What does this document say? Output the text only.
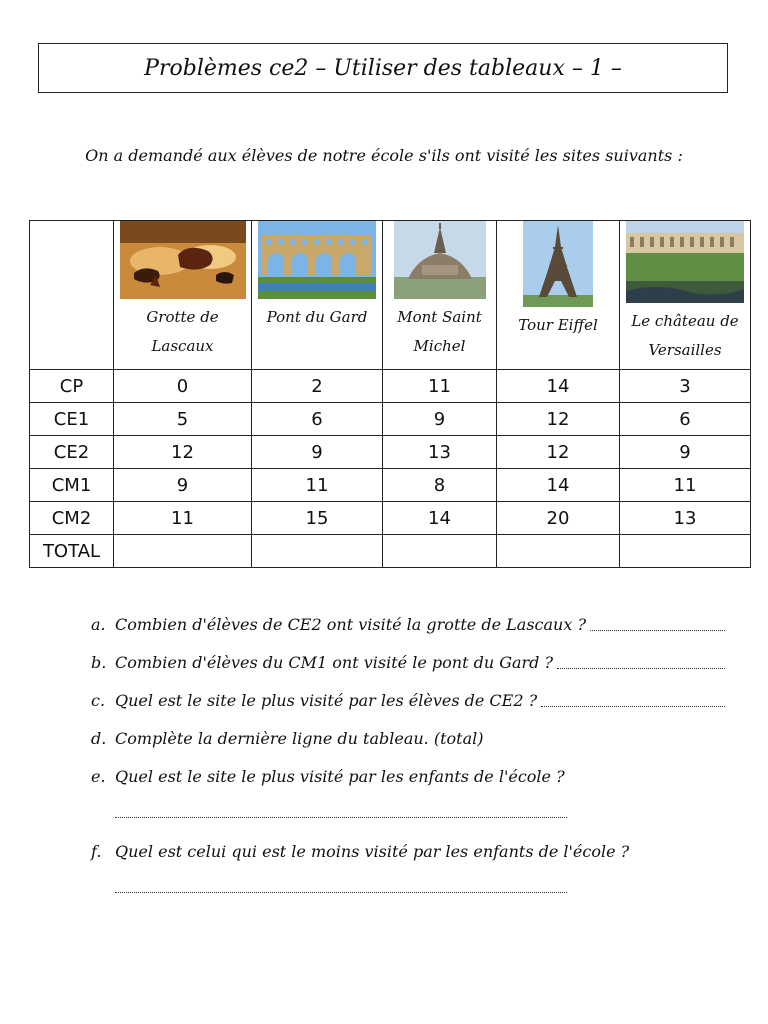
Problèmes ce2 – Utiliser des tableaux – 1 –
On a demandé aux élèves de notre école s'ils ont visité les sites suivants :

	Grotte de Lascaux	Pont du Gard	Mont Saint Michel	Tour Eiffel	Le château de Versailles

CP	0	2	11	14	3
CE1	5	6	9	12	6
CE2	12	9	13	12	9
CM1	9	11	8	14	11
CM2	11	15	14	20	13
TOTAL					
a. Combien d'élèves de CE2 ont visité la grotte de Lascaux ?
b. Combien d'élèves du CM1 ont visité le pont du Gard ?
c. Quel est le site le plus visité par les élèves de CE2 ?
d. Complète la dernière ligne du tableau. (total)
e. Quel est le site le plus visité par les enfants de l'école ?
f. Quel est celui qui est le moins visité par les enfants de l'école ?
